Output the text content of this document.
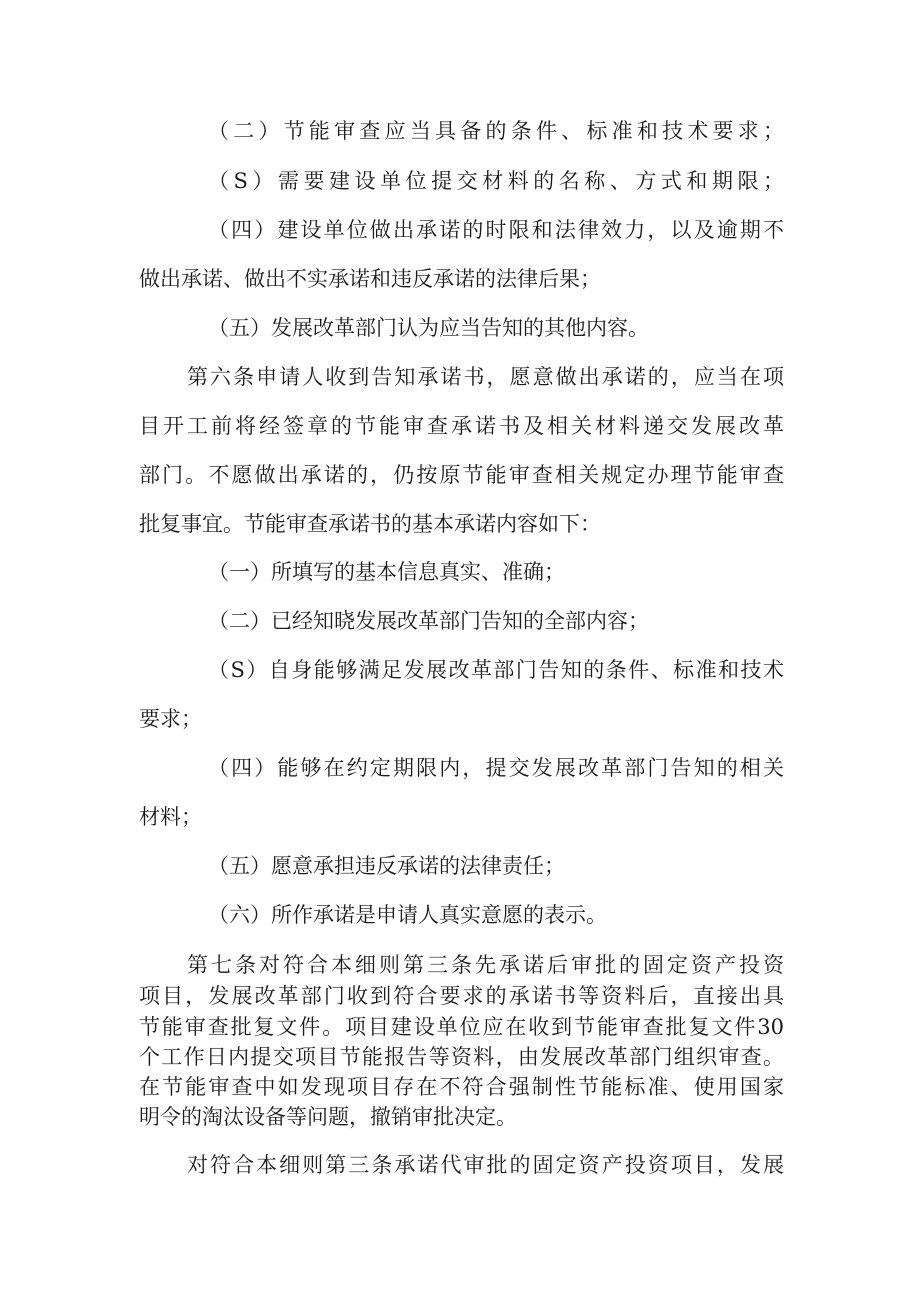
（二）节能审查应当具备的条件、标准和技术要求；
（S）需要建设单位提交材料的名称、方式和期限；
（四）建设单位做出承诺的时限和法律效力，以及逾期不
做出承诺、做出不实承诺和违反承诺的法律后果；
（五）发展改革部门认为应当告知的其他内容。
第六条申请人收到告知承诺书，愿意做出承诺的，应当在项
目开工前将经签章的节能审查承诺书及相关材料递交发展改革
部门。不愿做出承诺的，仍按原节能审查相关规定办理节能审查
批复事宜。节能审查承诺书的基本承诺内容如下：
（一）所填写的基本信息真实、准确；
（二）已经知晓发展改革部门告知的全部内容；
（S）自身能够满足发展改革部门告知的条件、标准和技术
要求；
（四）能够在约定期限内，提交发展改革部门告知的相关
材料；
（五）愿意承担违反承诺的法律责任；
（六）所作承诺是申请人真实意愿的表示。
第七条对符合本细则第三条先承诺后审批的固定资产投资
项目，发展改革部门收到符合要求的承诺书等资料后，直接出具
节能审查批复文件。项目建设单位应在收到节能审查批复文件30
个工作日内提交项目节能报告等资料，由发展改革部门组织审查。
在节能审查中如发现项目存在不符合强制性节能标准、使用国家
明令的淘汰设备等问题，撤销审批决定。
对符合本细则第三条承诺代审批的固定资产投资项目，发展
